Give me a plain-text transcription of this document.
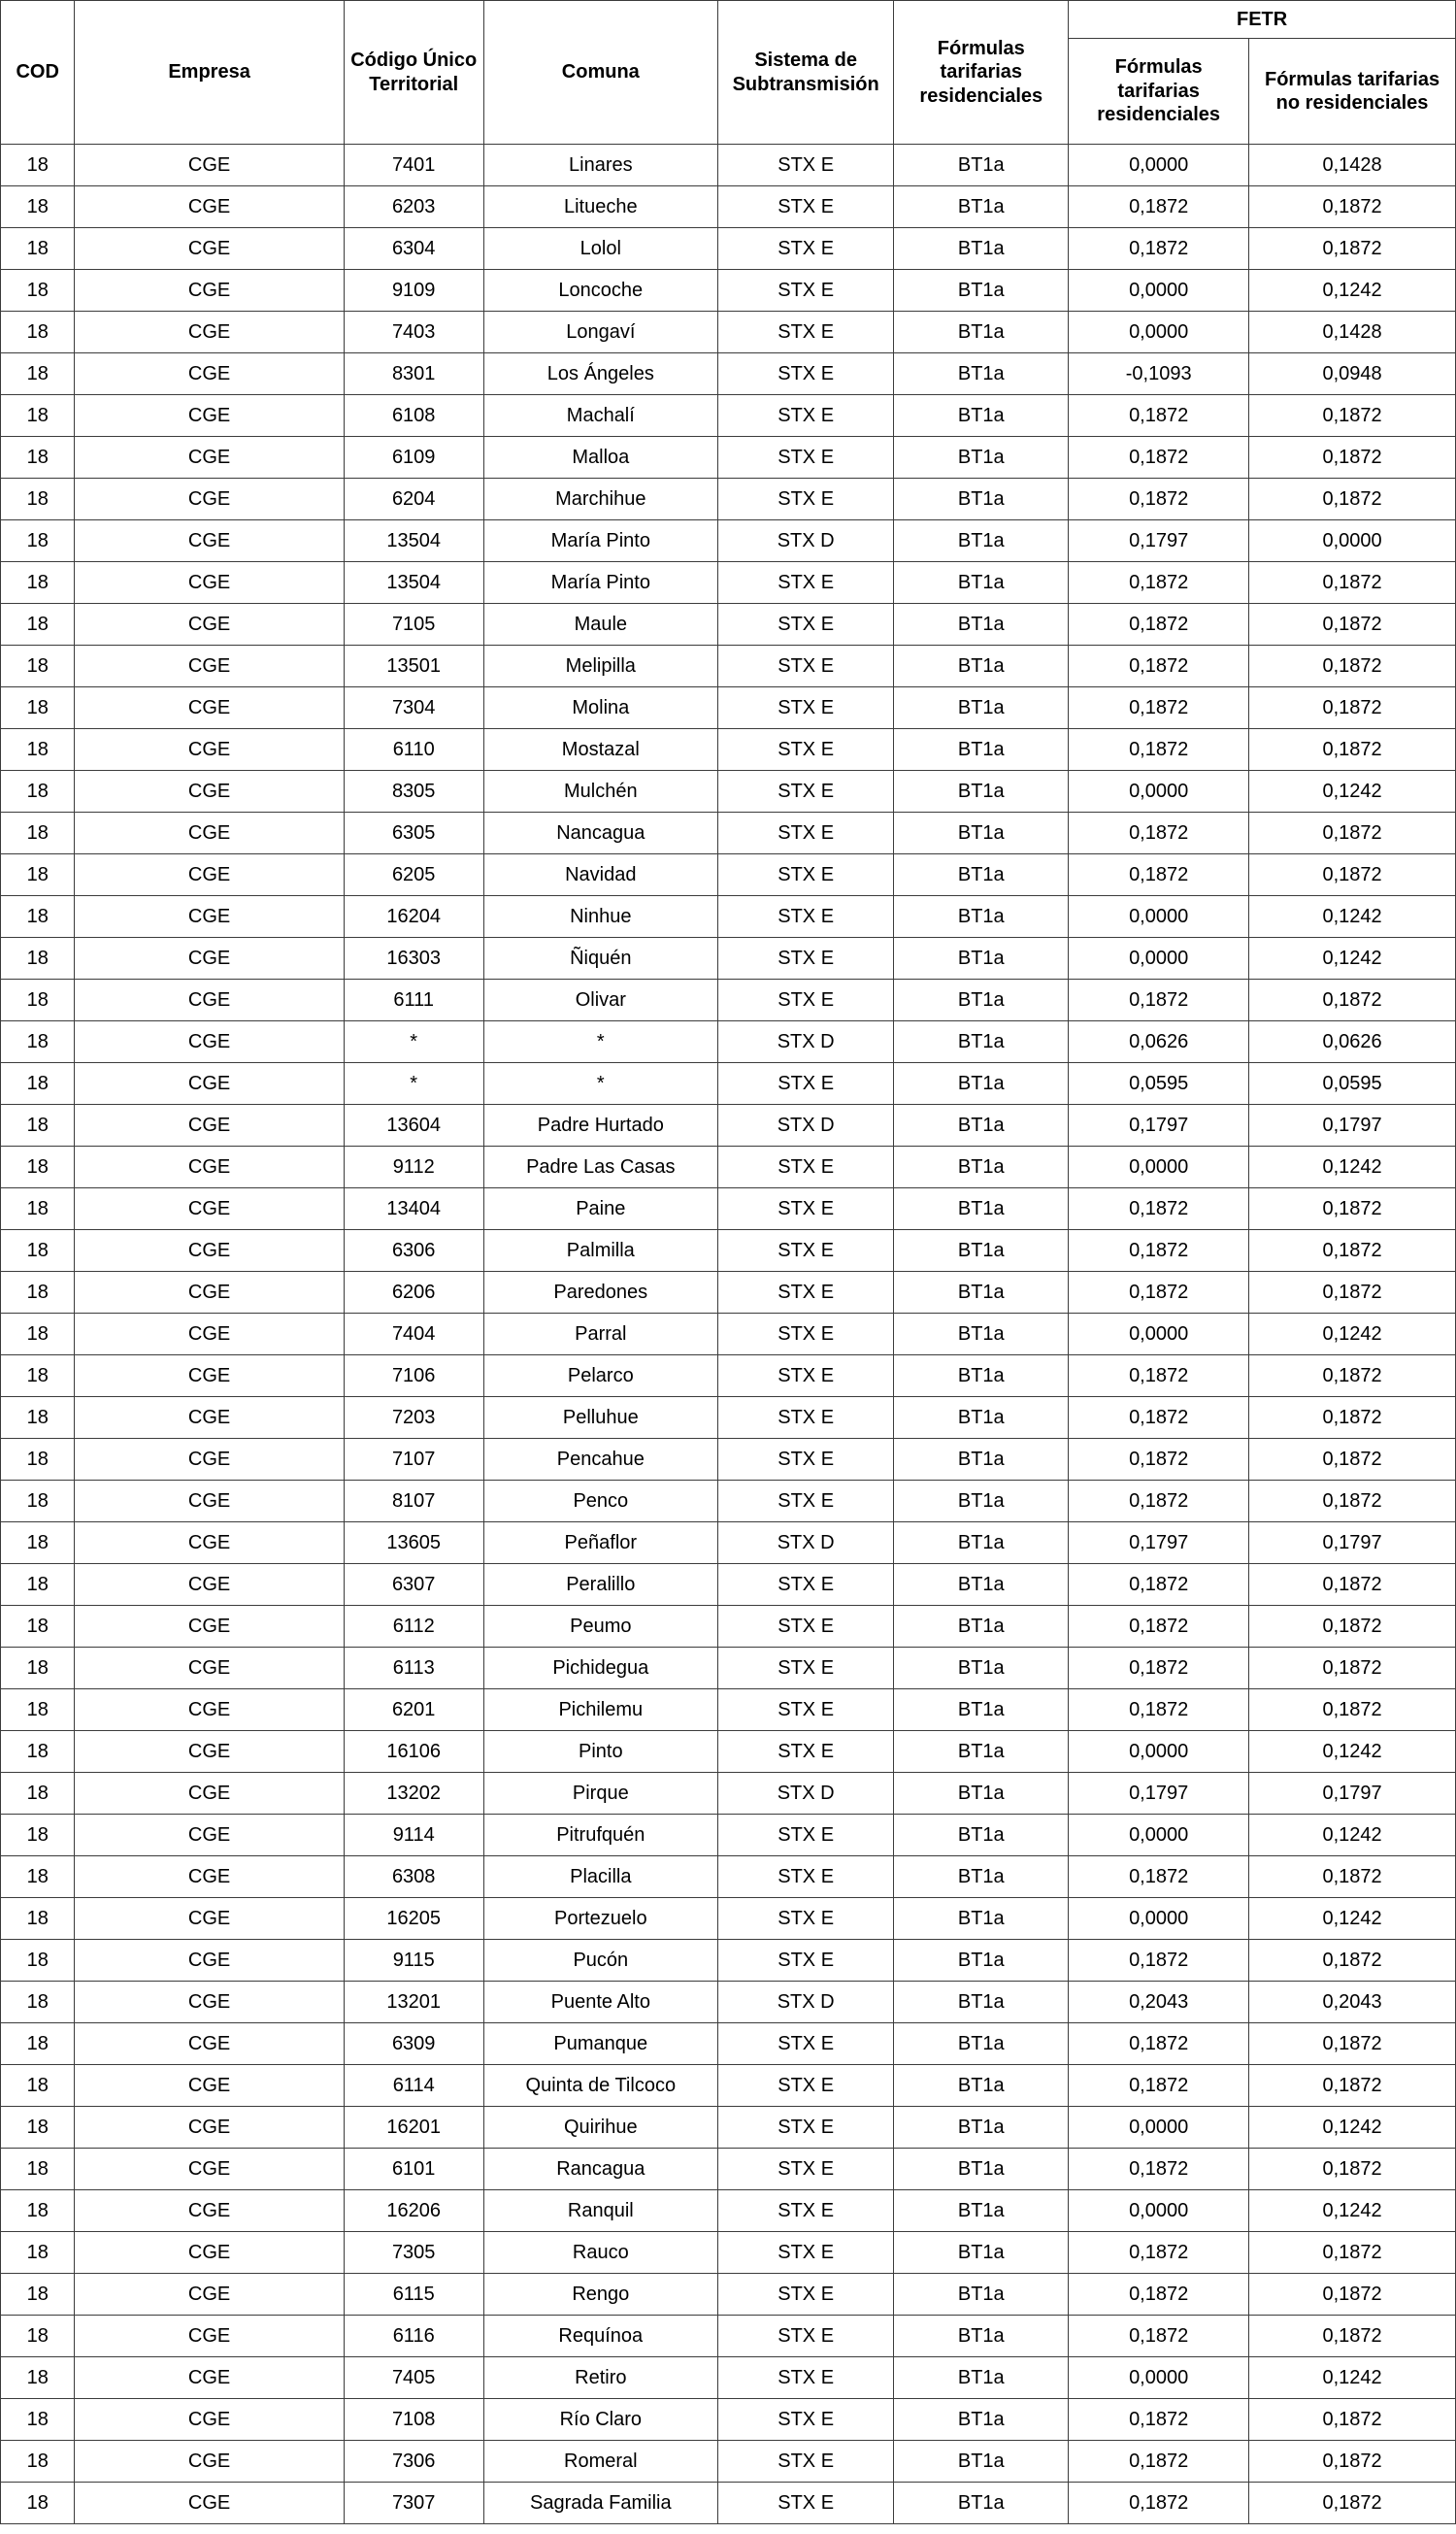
COD	Empresa	Código Único Territorial	Comuna	Sistema de Subtransmisión	Fórmulas tarifarias residenciales	FETR	
						Fórmulas tarifarias residenciales	Fórmulas tarifarias no residenciales
18	CGE	7401	Linares	STX E	BT1a	0,0000	0,1428
18	CGE	6203	Litueche	STX E	BT1a	0,1872	0,1872
18	CGE	6304	Lolol	STX E	BT1a	0,1872	0,1872
18	CGE	9109	Loncoche	STX E	BT1a	0,0000	0,1242
18	CGE	7403	Longaví	STX E	BT1a	0,0000	0,1428
18	CGE	8301	Los Ángeles	STX E	BT1a	-0,1093	0,0948
18	CGE	6108	Machalí	STX E	BT1a	0,1872	0,1872
18	CGE	6109	Malloa	STX E	BT1a	0,1872	0,1872
18	CGE	6204	Marchihue	STX E	BT1a	0,1872	0,1872
18	CGE	13504	María Pinto	STX D	BT1a	0,1797	0,0000
18	CGE	13504	María Pinto	STX E	BT1a	0,1872	0,1872
18	CGE	7105	Maule	STX E	BT1a	0,1872	0,1872
18	CGE	13501	Melipilla	STX E	BT1a	0,1872	0,1872
18	CGE	7304	Molina	STX E	BT1a	0,1872	0,1872
18	CGE	6110	Mostazal	STX E	BT1a	0,1872	0,1872
18	CGE	8305	Mulchén	STX E	BT1a	0,0000	0,1242
18	CGE	6305	Nancagua	STX E	BT1a	0,1872	0,1872
18	CGE	6205	Navidad	STX E	BT1a	0,1872	0,1872
18	CGE	16204	Ninhue	STX E	BT1a	0,0000	0,1242
18	CGE	16303	Ñiquén	STX E	BT1a	0,0000	0,1242
18	CGE	6111	Olivar	STX E	BT1a	0,1872	0,1872
18	CGE	*	*	STX D	BT1a	0,0626	0,0626
18	CGE	*	*	STX E	BT1a	0,0595	0,0595
18	CGE	13604	Padre Hurtado	STX D	BT1a	0,1797	0,1797
18	CGE	9112	Padre Las Casas	STX E	BT1a	0,0000	0,1242
18	CGE	13404	Paine	STX E	BT1a	0,1872	0,1872
18	CGE	6306	Palmilla	STX E	BT1a	0,1872	0,1872
18	CGE	6206	Paredones	STX E	BT1a	0,1872	0,1872
18	CGE	7404	Parral	STX E	BT1a	0,0000	0,1242
18	CGE	7106	Pelarco	STX E	BT1a	0,1872	0,1872
18	CGE	7203	Pelluhue	STX E	BT1a	0,1872	0,1872
18	CGE	7107	Pencahue	STX E	BT1a	0,1872	0,1872
18	CGE	8107	Penco	STX E	BT1a	0,1872	0,1872
18	CGE	13605	Peñaflor	STX D	BT1a	0,1797	0,1797
18	CGE	6307	Peralillo	STX E	BT1a	0,1872	0,1872
18	CGE	6112	Peumo	STX E	BT1a	0,1872	0,1872
18	CGE	6113	Pichidegua	STX E	BT1a	0,1872	0,1872
18	CGE	6201	Pichilemu	STX E	BT1a	0,1872	0,1872
18	CGE	16106	Pinto	STX E	BT1a	0,0000	0,1242
18	CGE	13202	Pirque	STX D	BT1a	0,1797	0,1797
18	CGE	9114	Pitrufquén	STX E	BT1a	0,0000	0,1242
18	CGE	6308	Placilla	STX E	BT1a	0,1872	0,1872
18	CGE	16205	Portezuelo	STX E	BT1a	0,0000	0,1242
18	CGE	9115	Pucón	STX E	BT1a	0,1872	0,1872
18	CGE	13201	Puente Alto	STX D	BT1a	0,2043	0,2043
18	CGE	6309	Pumanque	STX E	BT1a	0,1872	0,1872
18	CGE	6114	Quinta de Tilcoco	STX E	BT1a	0,1872	0,1872
18	CGE	16201	Quirihue	STX E	BT1a	0,0000	0,1242
18	CGE	6101	Rancagua	STX E	BT1a	0,1872	0,1872
18	CGE	16206	Ranquil	STX E	BT1a	0,0000	0,1242
18	CGE	7305	Rauco	STX E	BT1a	0,1872	0,1872
18	CGE	6115	Rengo	STX E	BT1a	0,1872	0,1872
18	CGE	6116	Requínoa	STX E	BT1a	0,1872	0,1872
18	CGE	7405	Retiro	STX E	BT1a	0,0000	0,1242
18	CGE	7108	Río Claro	STX E	BT1a	0,1872	0,1872
18	CGE	7306	Romeral	STX E	BT1a	0,1872	0,1872
18	CGE	7307	Sagrada Familia	STX E	BT1a	0,1872	0,1872
